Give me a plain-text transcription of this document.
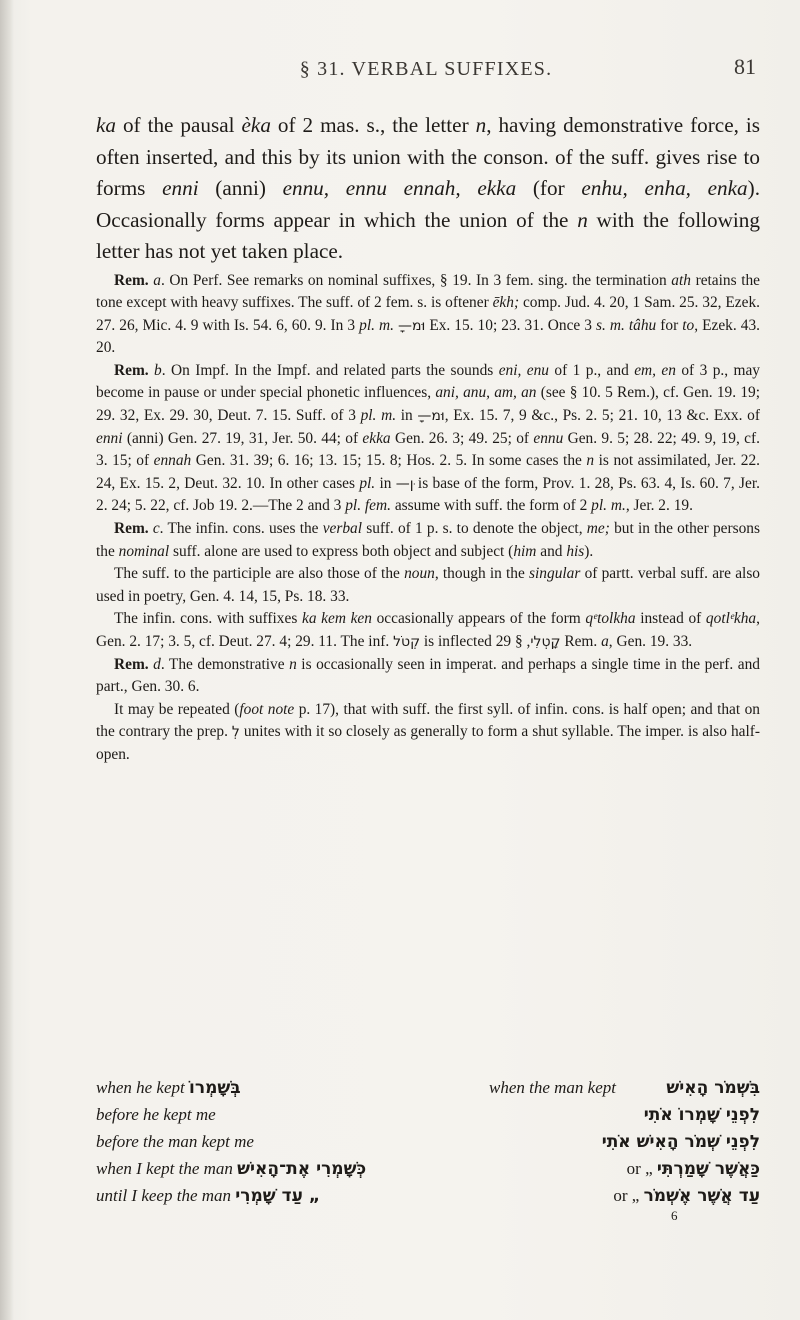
§ 31. VERBAL SUFFIXES.	81

ka of the pausal èka of 2 mas. s., the letter n, having demonstrative force, is often inserted, and this by its union with the conson. of the suff. gives rise to forms enni (anni) ennu, ennu ennah, ekka (for enhu, enha, enka). Occasionally forms appear in which the union of the n with the following letter has not yet taken place.

Rem. a. On Perf. See remarks on nominal suffixes, § 19. In 3 fem. sing. the termination ath retains the tone except with heavy suffixes. The suff. of 2 fem. s. is oftener ēkh; comp. Jud. 4. 20, 1 Sam. 25. 32, Ezek. 27. 26, Mic. 4. 9 with Is. 54. 6, 60. 9. In 3 pl. m. וּמ—ָ Ex. 15. 10; 23. 31. Once 3 s. m. tâhu for to, Ezek. 43. 20.

Rem. b. On Impf. In the Impf. and related parts the sounds eni, enu of 1 p., and em, en of 3 p., may become in pause or under special phonetic influences, ani, anu, am, an (see § 10. 5 Rem.), cf. Gen. 19. 19; 29. 32, Ex. 29. 30, Deut. 7. 15. Suff. of 3 pl. m. in וּמ—ָ, Ex. 15. 7, 9 &c., Ps. 2. 5; 21. 10, 13 &c. Exx. of enni (anni) Gen. 27. 19, 31, Jer. 50. 44; of ekka Gen. 26. 3; 49. 25; of ennu Gen. 9. 5; 28. 22; 49. 9, 19, cf. 3. 15; of ennah Gen. 31. 39; 6. 16; 13. 15; 15. 8; Hos. 2. 5. In some cases the n is not assimilated, Jer. 22. 24, Ex. 15. 2, Deut. 32. 10. In other cases pl. in ןּ— is base of the form, Prov. 1. 28, Ps. 63. 4, Is. 60. 7, Jer. 2. 24; 5. 22, cf. Job 19. 2.—The 2 and 3 pl. fem. assume with suff. the form of 2 pl. m., Jer. 2. 19.

Rem. c. The infin. cons. uses the verbal suff. of 1 p. s. to denote the object, me; but in the other persons the nominal suff. alone are used to express both object and subject (him and his).

The suff. to the participle are also those of the noun, though in the singular of partt. verbal suff. are also used in poetry, Gen. 4. 14, 15, Ps. 18. 33.

The infin. cons. with suffixes ka kem ken occasionally appears of the form qᵉtolkha instead of qotlᵉkha, Gen. 2. 17; 3. 5, cf. Deut. 27. 4; 29. 11. The inf. קְטֹל is inflected קָטְלִי, § 29 Rem. a, Gen. 19. 33.

Rem. d. The demonstrative n is occasionally seen in imperat. and perhaps a single time in the perf. and part., Gen. 30. 6.

It may be repeated (foot note p. 17), that with suff. the first syll. of infin. cons. is half open; and that on the contrary the prep. לְ unites with it so closely as generally to form a shut syllable. The imper. is also half-open.

when he kept בְּשָׁמְרוֹ	when the man kept	בִּשְׁמֹר הָאִישׁ
before he kept me	לִפְנֵי שָׁמְרוֹ אֹתִי
before the man kept me	לִפְנֵי שְׁמֹר הָאִישׁ אֹתִי
when I kept the man כְּשָׁמְרִי אֶת־הָאִישׁ	or „ כַּאֲשֶׁר שָׁמַרְתִּי
until I keep the man „ עַד שָׁמְרִי	or „ עַד אֲשֶׁר אֶשְׁמֹר
6
